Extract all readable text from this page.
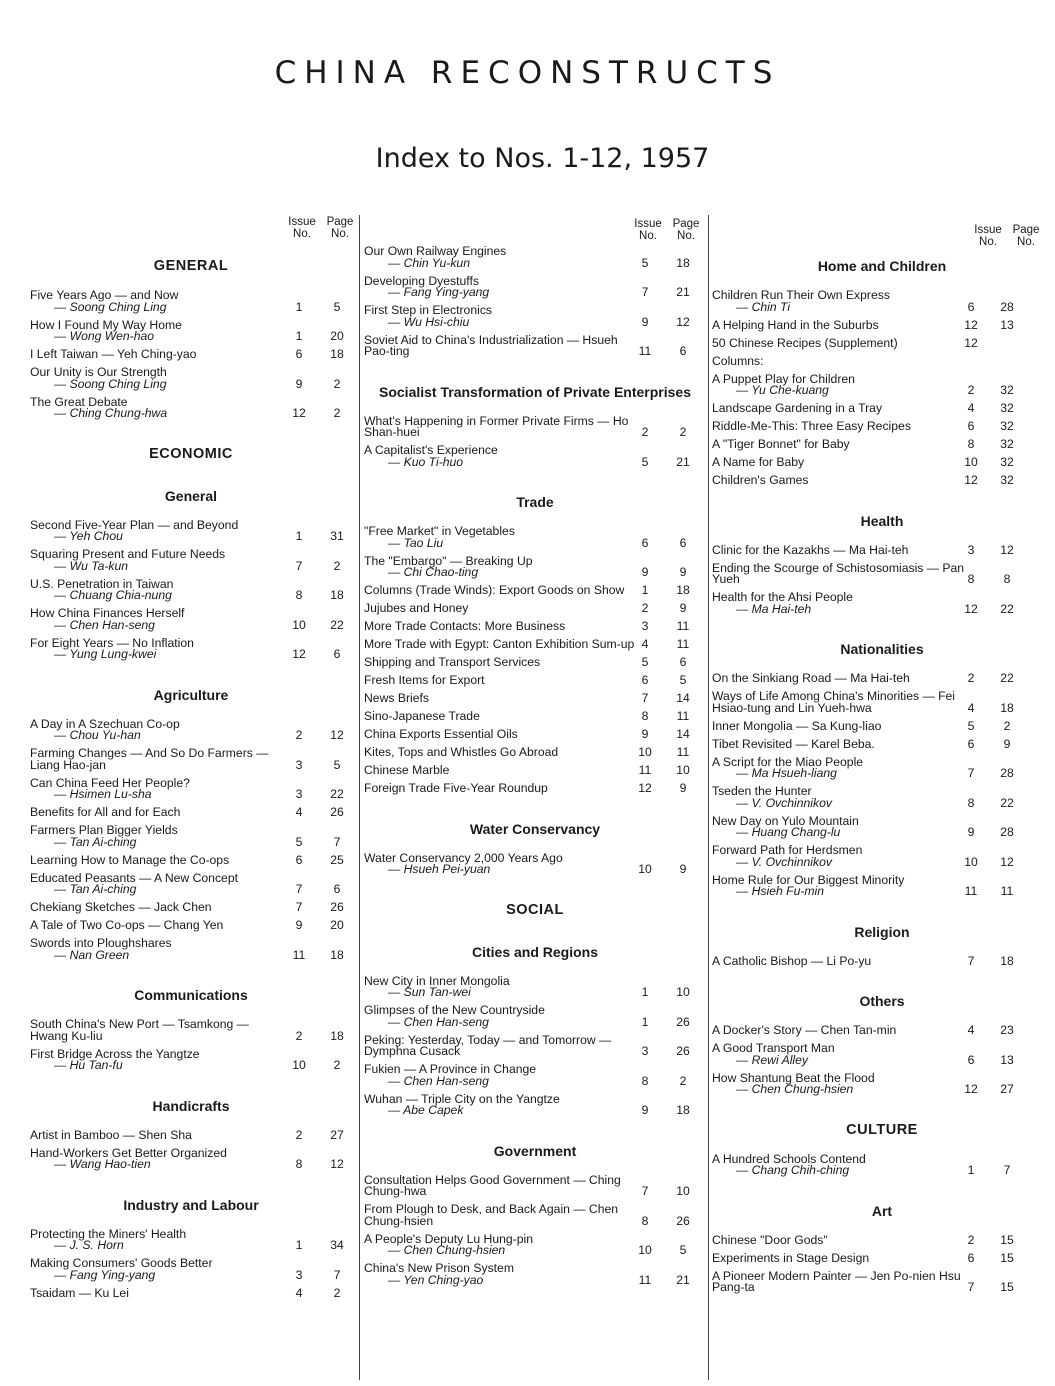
CHINA RECONSTRUCTS
Index to Nos. 1-12, 1957
Issue
No.
Page
No.
GENERAL
Five Years Ago — and Now
— Soong Ching Ling	1	5
How I Found My Way Home
— Wong Wen-hao	1	20
I Left Taiwan — Yeh Ching-yao	6	18
Our Unity is Our Strength
— Soong Ching Ling	9	2
The Great Debate
— Ching Chung-hwa	12	2
ECONOMIC
General
Second Five-Year Plan — and Beyond
— Yeh Chou	1	31
Squaring Present and Future Needs
— Wu Ta-kun	7	2
U.S. Penetration in Taiwan
— Chuang Chia-nung	8	18
How China Finances Herself
— Chen Han-seng	10	22
For Eight Years — No Inflation
— Yung Lung-kwei	12	6
Agriculture
A Day in A Szechuan Co-op
— Chou Yu-han	2	12
Farming Changes — And So Do Farmers — Liang Hao-jan	3	5
Can China Feed Her People?
— Hsimen Lu-sha	3	22
Benefits for All and for Each	4	26
Farmers Plan Bigger Yields
— Tan Ai-ching	5	7
Learning How to Manage the Co-ops	6	25
Educated Peasants — A New Concept
— Tan Ai-ching	7	6
Chekiang Sketches — Jack Chen	7	26
A Tale of Two Co-ops — Chang Yen	9	20
Swords into Ploughshares
— Nan Green	11	18
Communications
South China's New Port — Tsamkong — Hwang Ku-liu	2	18
First Bridge Across the Yangtze
— Hu Tan-fu	10	2
Handicrafts
Artist in Bamboo — Shen Sha	2	27
Hand-Workers Get Better Organized
— Wang Hao-tien	8	12
Industry and Labour
Protecting the Miners' Health
— J. S. Horn	1	34
Making Consumers' Goods Better
— Fang Ying-yang	3	7
Tsaidam — Ku Lei	4	2
Issue
No.
Page
No.
Our Own Railway Engines
— Chin Yu-kun	5	18
Developing Dyestuffs
— Fang Ying-yang	7	21
First Step in Electronics
— Wu Hsi-chiu	9	12
Soviet Aid to China's Industrialization — Hsueh Pao-ting	11	6
Socialist Transformation of Private Enterprises
What's Happening in Former Private Firms — Ho Shan-huei	2	2
A Capitalist's Experience
— Kuo Ti-huo	5	21
Trade
"Free Market" in Vegetables
— Tao Liu	6	6
The "Embargo" — Breaking Up
— Chi Chao-ting	9	9
Columns (Trade Winds): Export Goods on Show	1	18
Jujubes and Honey	2	9
More Trade Contacts: More Business	3	11
More Trade with Egypt: Canton Exhibition Sum-up 4	11
Shipping and Transport Services	5	6
Fresh Items for Export	6	5
News Briefs	7	14
Sino-Japanese Trade	8	11
China Exports Essential Oils	9	14
Kites, Tops and Whistles Go Abroad	10	11
Chinese Marble	11	10
Foreign Trade Five-Year Roundup	12	9
Water Conservancy
Water Conservancy 2,000 Years Ago
— Hsueh Pei-yuan	10	9
SOCIAL
Cities and Regions
New City in Inner Mongolia
— Sun Tan-wei	1	10
Glimpses of the New Countryside
— Chen Han-seng	1	26
Peking: Yesterday, Today — and Tomorrow — Dymphna Cusack	3	26
Fukien — A Province in Change
— Chen Han-seng	8	2
Wuhan — Triple City on the Yangtze
— Abe Capek	9	18
Government
Consultation Helps Good Government — Ching Chung-hwa	7	10
From Plough to Desk, and Back Again — Chen Chung-hsien	8	26
A People's Deputy Lu Hung-pin
— Chen Chung-hsien	10	5
China's New Prison System
— Yen Ching-yao	11	21
Issue
No.
Page
No.
Home and Children
Children Run Their Own Express
— Chin Ti	6	28
A Helping Hand in the Suburbs	12	13
50 Chinese Recipes (Supplement)	12
Columns:
A Puppet Play for Children
— Yu Che-kuang	2	32
Landscape Gardening in a Tray	4	32
Riddle-Me-This: Three Easy Recipes	6	32
A "Tiger Bonnet" for Baby	8	32
A Name for Baby	10	32
Children's Games	12	32
Health
Clinic for the Kazakhs — Ma Hai-teh	3	12
Ending the Scourge of Schistosomiasis — Pan Yueh	8	8
Health for the Ahsi People
— Ma Hai-teh	12	22
Nationalities
On the Sinkiang Road — Ma Hai-teh	2	22
Ways of Life Among China's Minorities — Fei Hsiao-tung and Lin Yueh-hwa	4	18
Inner Mongolia — Sa Kung-liao	5	2
Tibet Revisited — Karel Beba.	6	9
A Script for the Miao People
— Ma Hsueh-liang	7	28
Tseden the Hunter
— V. Ovchinnikov	8	22
New Day on Yulo Mountain
— Huang Chang-lu	9	28
Forward Path for Herdsmen
— V. Ovchinnikov	10	12
Home Rule for Our Biggest Minority
— Hsieh Fu-min	11	11
Religion
A Catholic Bishop — Li Po-yu	7	18
Others
A Docker's Story — Chen Tan-min	4	23
A Good Transport Man
— Rewi Alley	6	13
How Shantung Beat the Flood
— Chen Chung-hsien	12	27
CULTURE
A Hundred Schools Contend
— Chang Chih-ching	1	7
Art
Chinese "Door Gods"	2	15
Experiments in Stage Design	6	15
A Pioneer Modern Painter — Jen Po-nien Hsu Pang-ta	7	15
